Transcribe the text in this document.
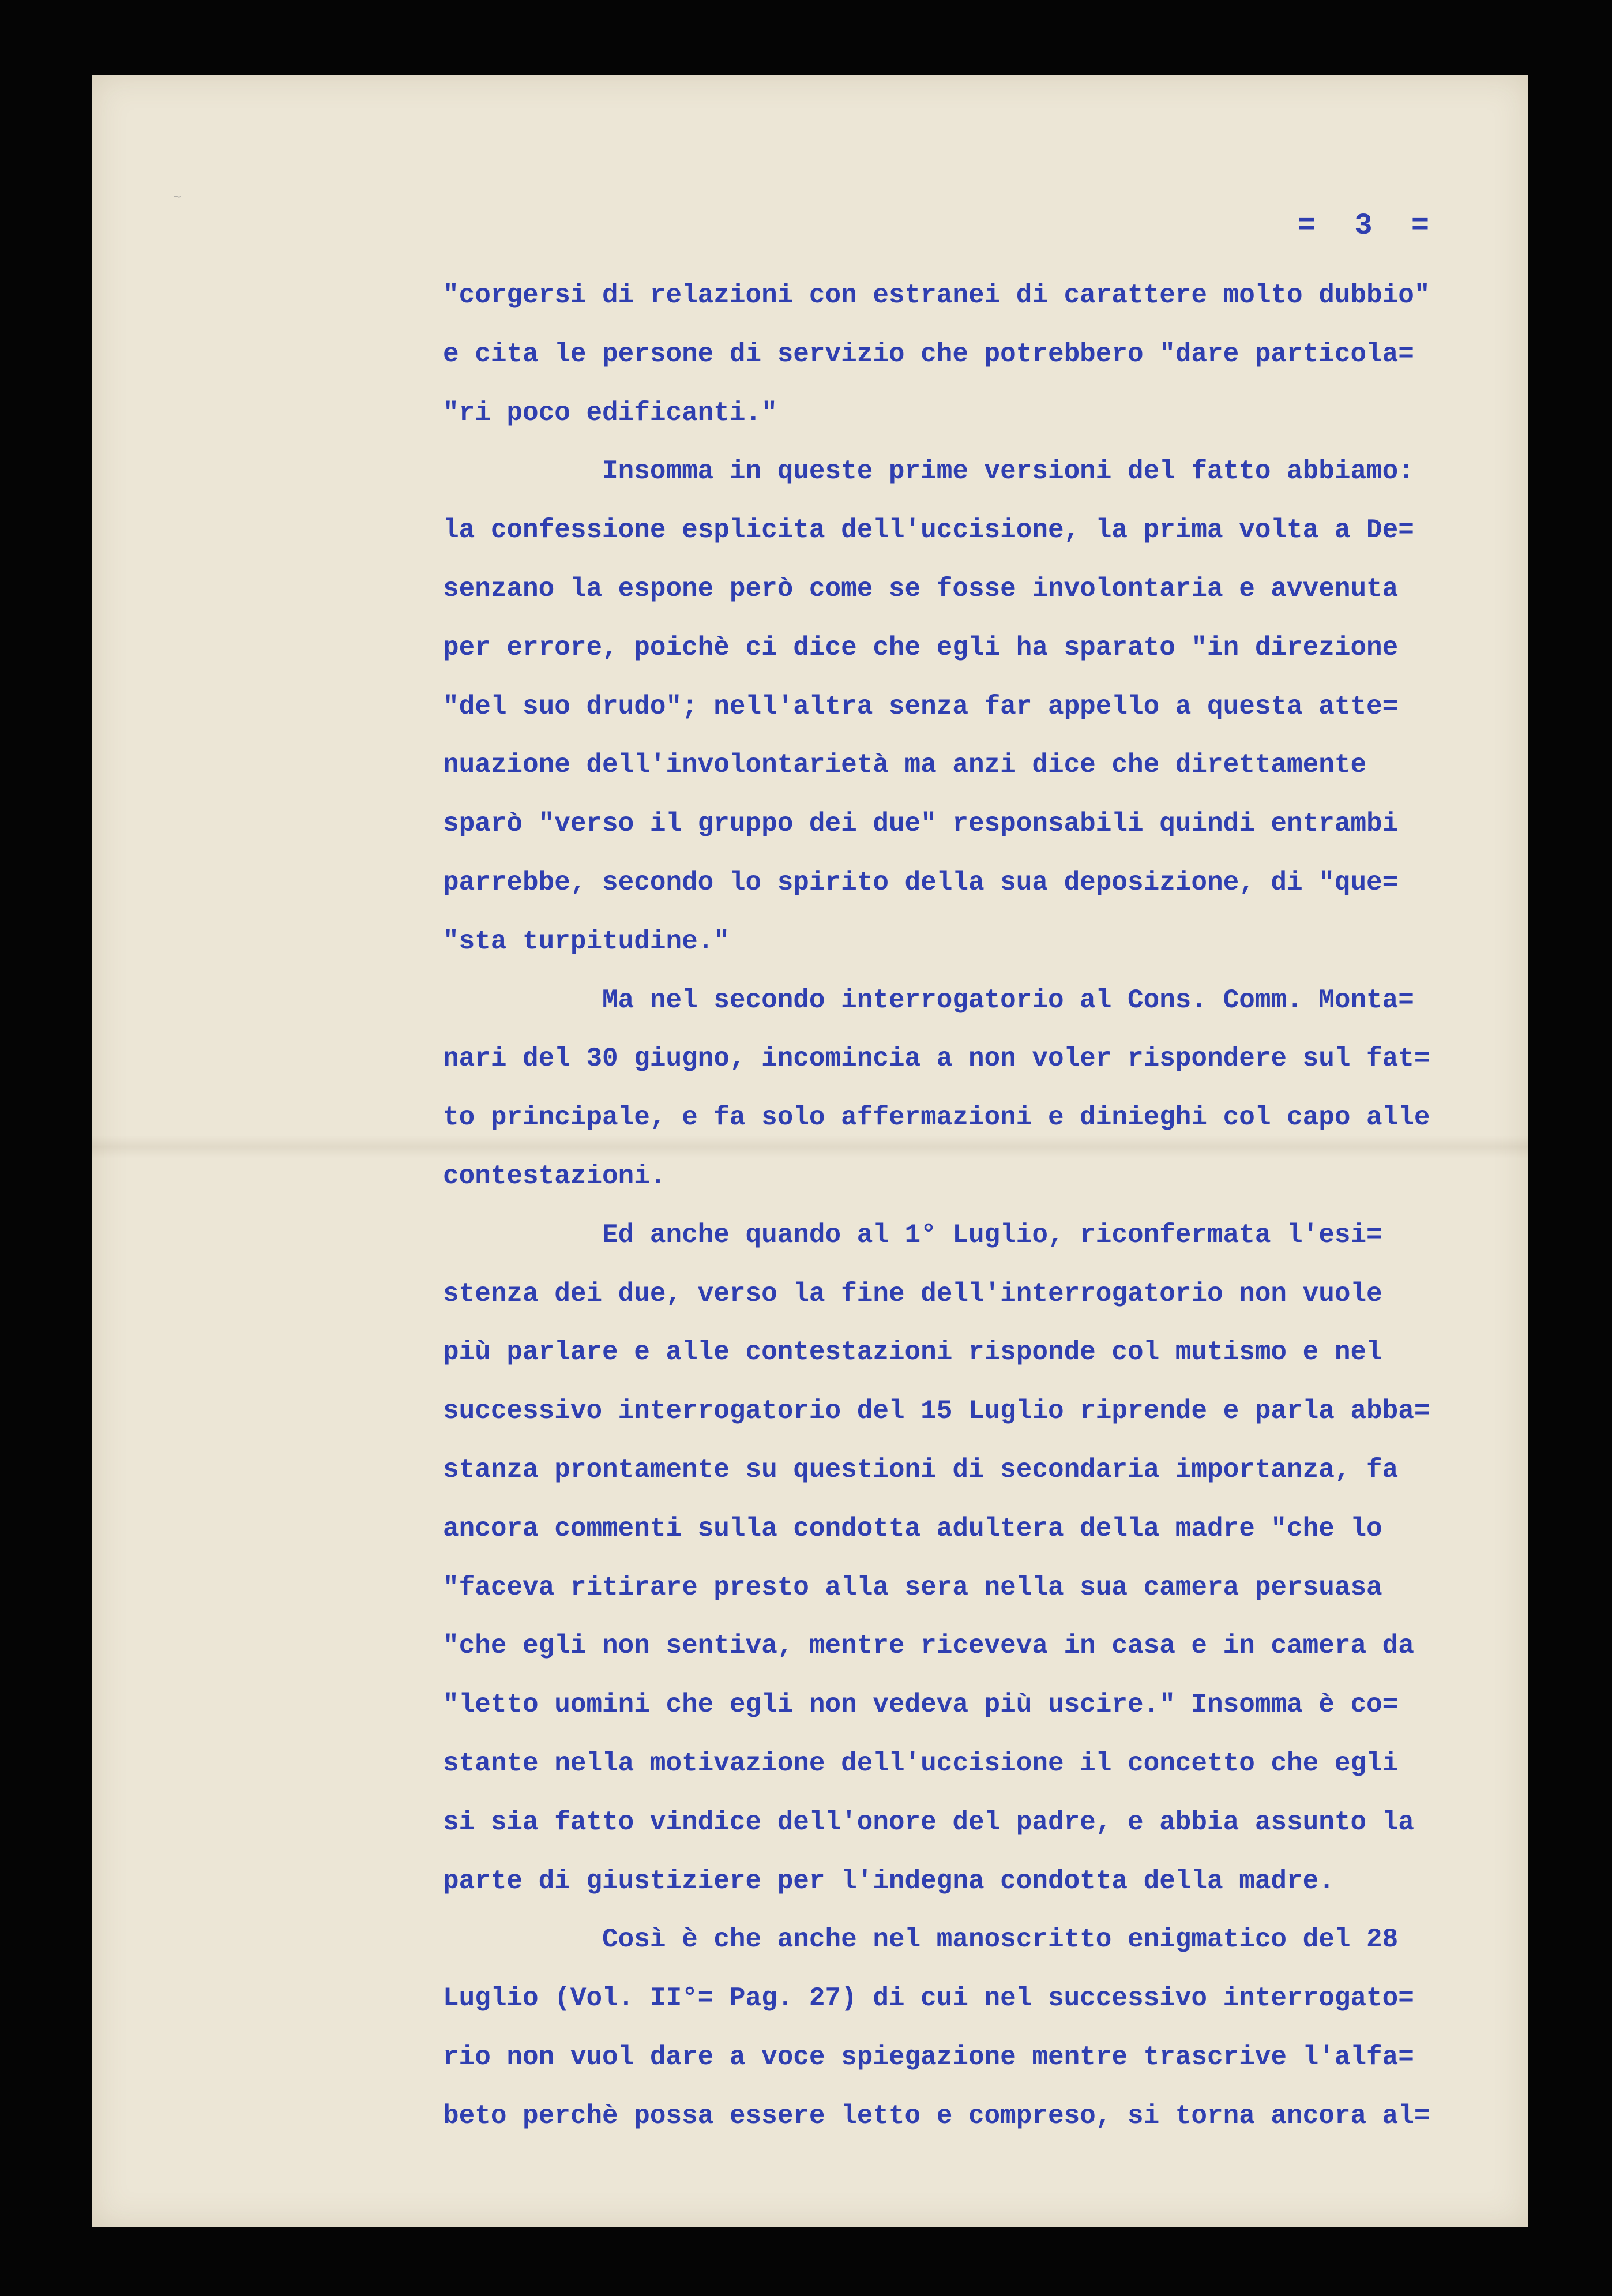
~
= 3 =
"corgersi di relazioni con estranei di carattere molto dubbio"
e cita le persone di servizio che potrebbero "dare particola=
"ri poco edificanti."
Insomma in queste prime versioni del fatto abbiamo:
la confessione esplicita dell'uccisione, la prima volta a De=
senzano la espone però come se fosse involontaria e avvenuta
per errore, poichè ci dice che egli ha sparato "in direzione
"del suo drudo"; nell'altra senza far appello a questa atte=
nuazione dell'involontarietà ma anzi dice che direttamente
sparò "verso il gruppo dei due" responsabili quindi entrambi
parrebbe, secondo lo spirito della sua deposizione, di "que=
"sta turpitudine."
Ma nel secondo interrogatorio al Cons. Comm. Monta=
nari del 30 giugno, incomincia a non voler rispondere sul fat=
to principale, e fa solo affermazioni e dinieghi col capo alle
contestazioni.
Ed anche quando al 1° Luglio, riconfermata l'esi=
stenza dei due, verso la fine dell'interrogatorio non vuole
più parlare e alle contestazioni risponde col mutismo e nel
successivo interrogatorio del 15 Luglio riprende e parla abba=
stanza prontamente su questioni di secondaria importanza, fa
ancora commenti sulla condotta adultera della madre "che lo
"faceva ritirare presto alla sera nella sua camera persuasa
"che egli non sentiva, mentre riceveva in casa e in camera da
"letto uomini che egli non vedeva più uscire." Insomma è co=
stante nella motivazione dell'uccisione il concetto che egli
si sia fatto vindice dell'onore del padre, e abbia assunto la
parte di giustiziere per l'indegna condotta della madre.
Così è che anche nel manoscritto enigmatico del 28
Luglio (Vol. II°= Pag. 27) di cui nel successivo interrogato=
rio non vuol dare a voce spiegazione mentre trascrive l'alfa=
beto perchè possa essere letto e compreso, si torna ancora al=
